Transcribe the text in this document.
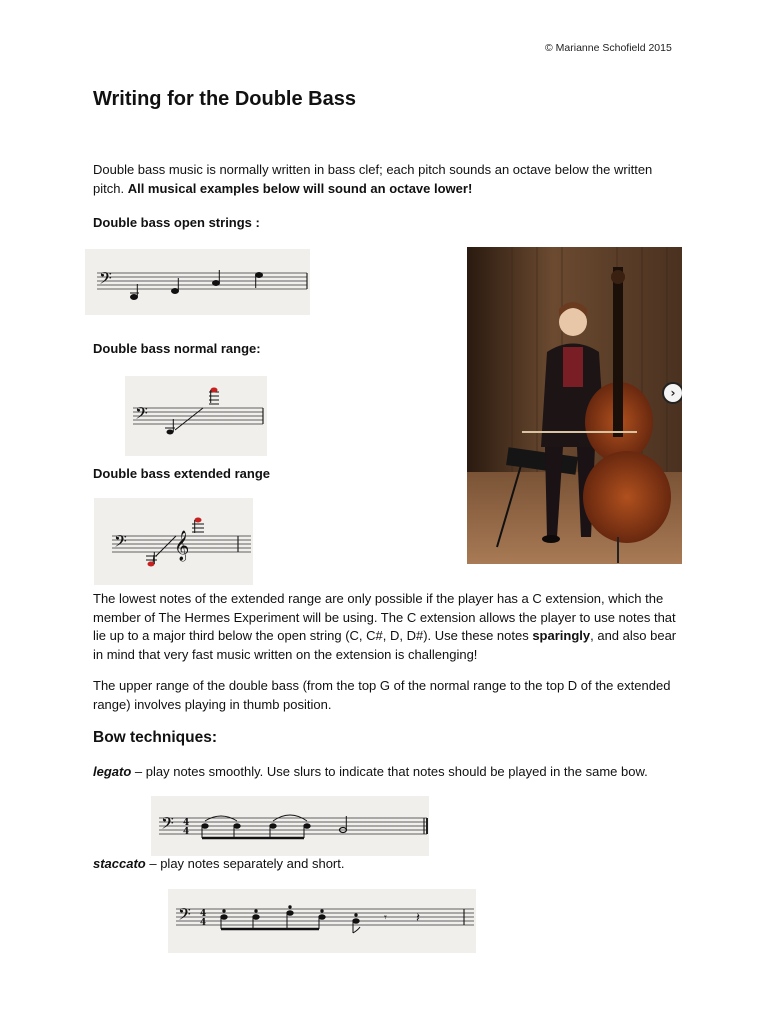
© Marianne Schofield 2015
Writing for the Double Bass

Double bass music is normally written in bass clef; each pitch sounds an octave below the written pitch. All musical examples below will sound an octave lower!

Double bass open strings :
𝄢
Double bass normal range:
𝄢
Double bass extended range
𝄢 𝄞
›

The lowest notes of the extended range are only possible if the player has a C extension, which the member of The Hermes Experiment will be using. The C extension allows the player to use notes that lie up to a major third below the open string (C, C#, D, D#). Use these notes sparingly, and also bear in mind that very fast music written on the extension is challenging!

The upper range of the double bass (from the top G of the normal range to the top D of the extended range) involves playing in thumb position.

Bow techniques:

legato – play notes smoothly. Use slurs to indicate that notes should be played in the same bow.

𝄢 4
4

staccato – play notes separately and short.

𝄢 4
4	𝄾 𝄽
